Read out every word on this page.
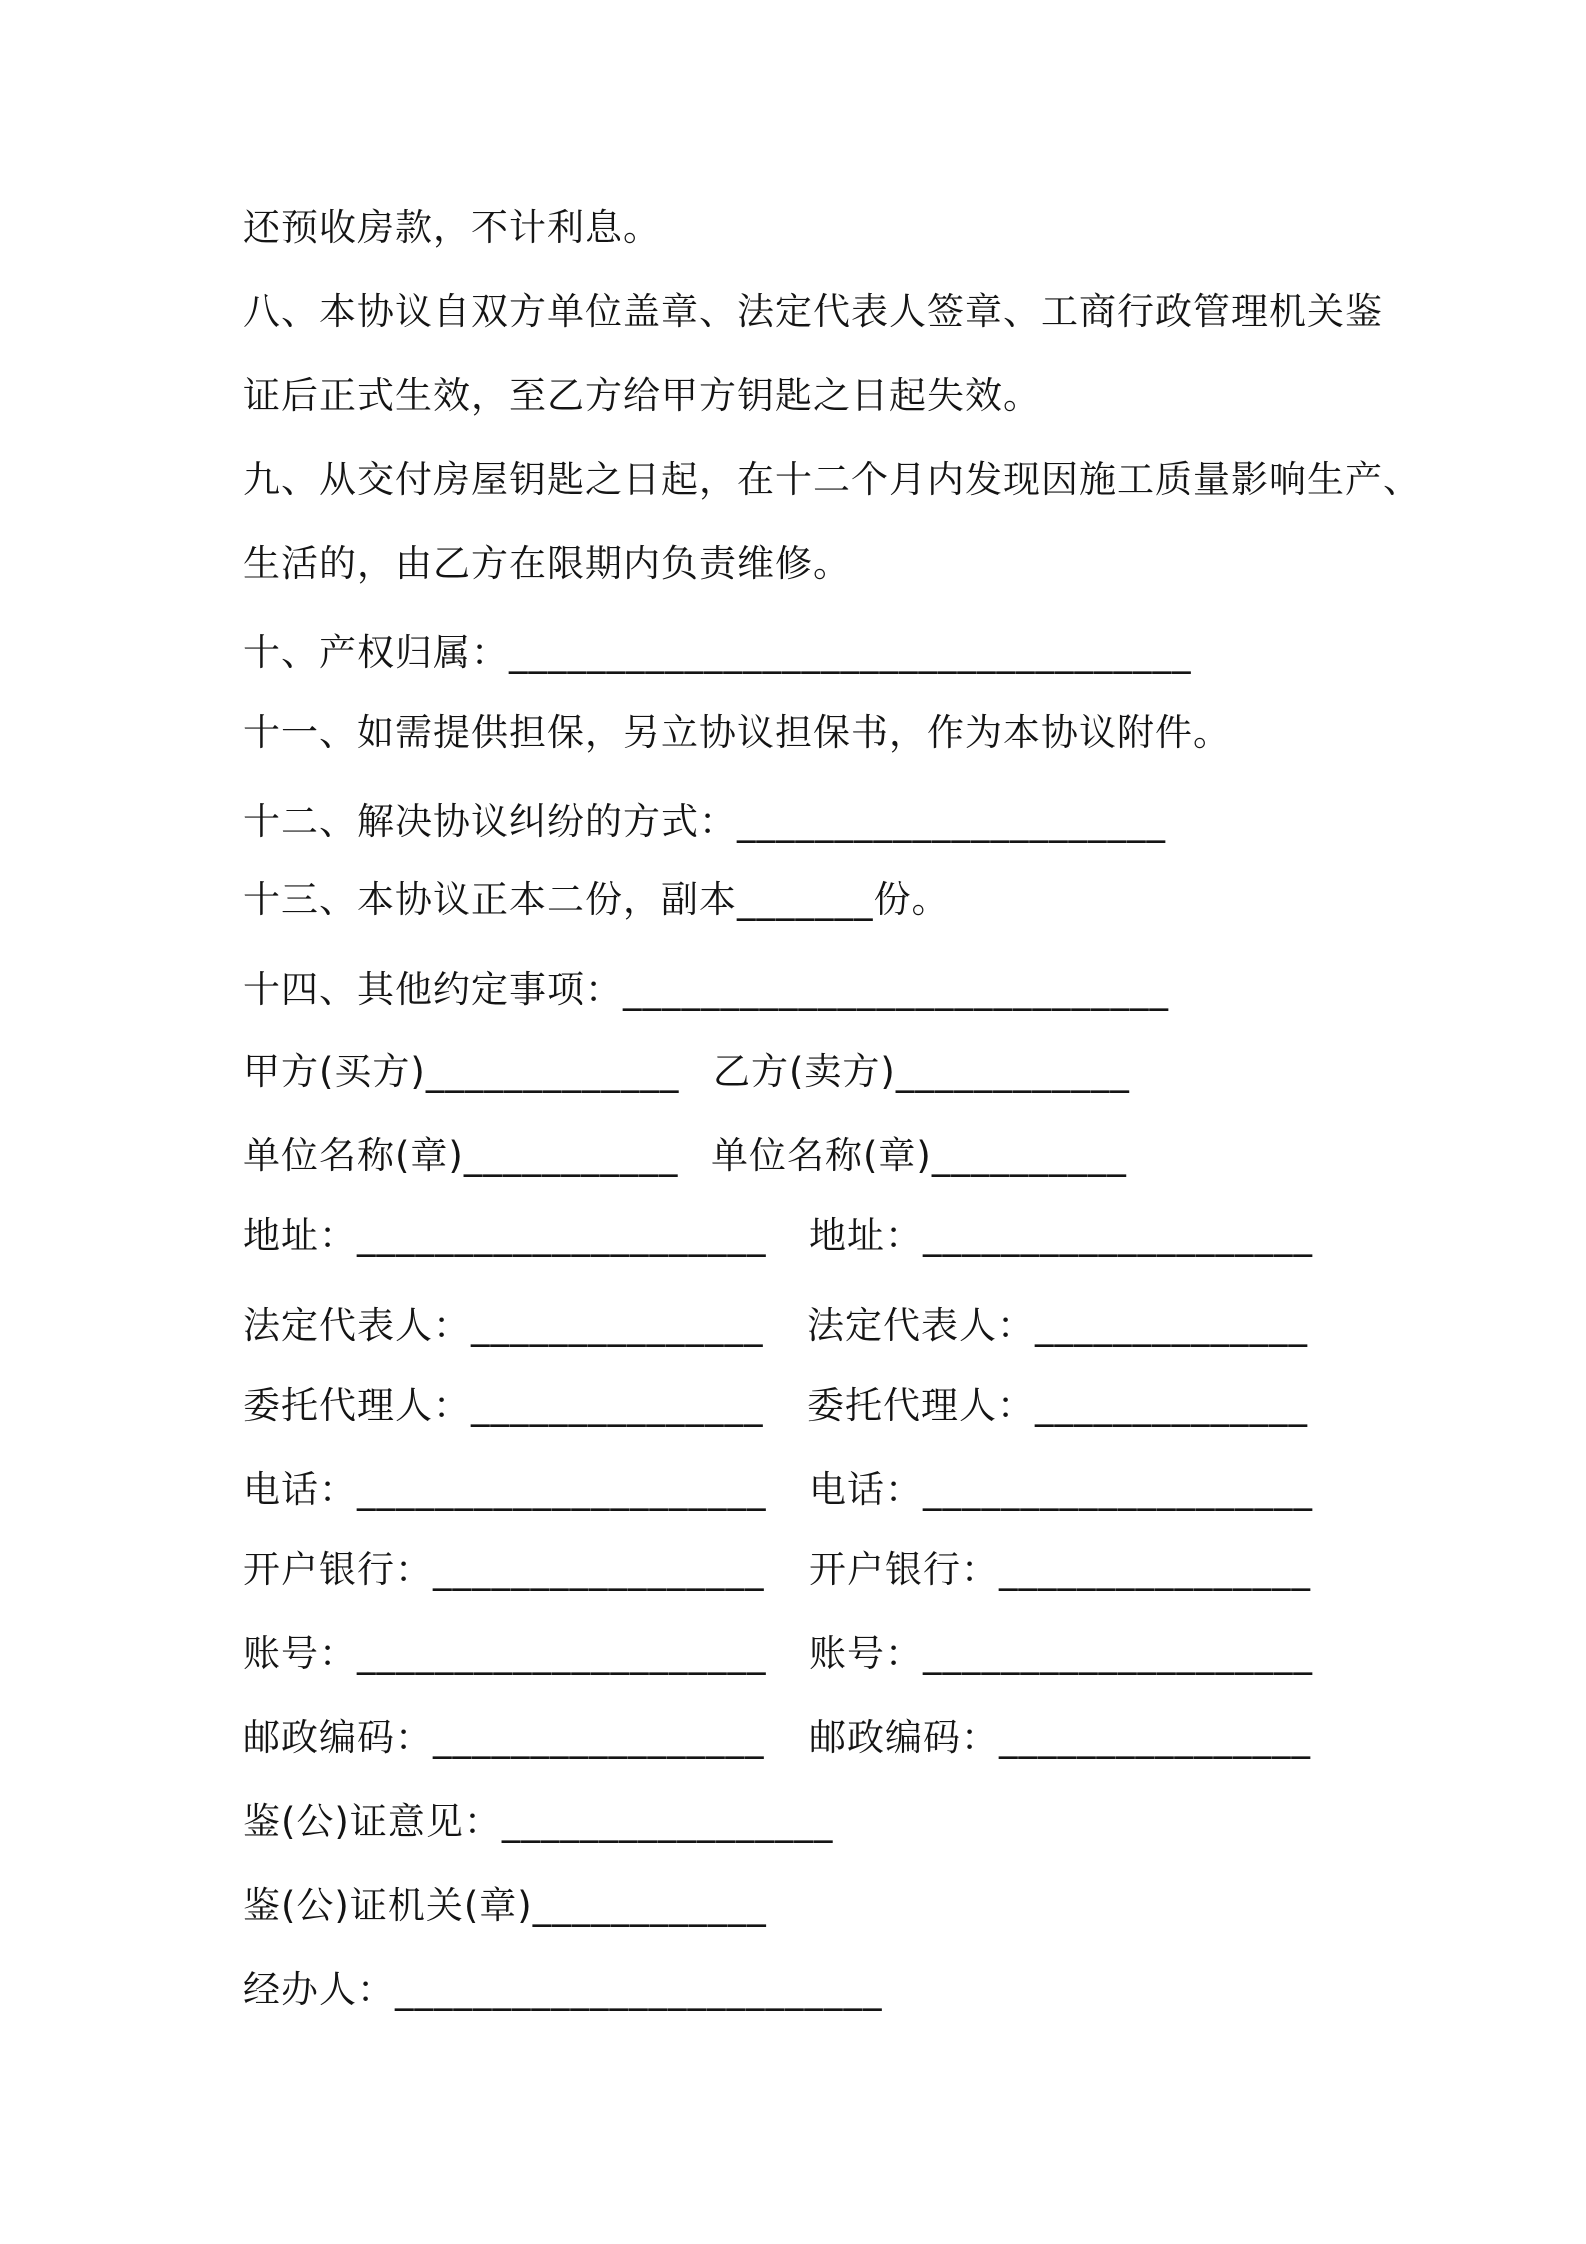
还预收房款，不计利息。
八、本协议自双方单位盖章、法定代表人签章、工商行政管理机关鉴
证后正式生效，至乙方给甲方钥匙之日起失效。
九、从交付房屋钥匙之日起，在十二个月内发现因施工质量影响生产、
生活的，由乙方在限期内负责维修。
十、产权归属：___________________________________
十一、如需提供担保，另立协议担保书，作为本协议附件。
十二、解决协议纠纷的方式：______________________
十三、本协议正本二份，副本_______份。
十四、其他约定事项：____________________________
甲方(买方)_____________ 乙方(卖方)____________
单位名称(章)___________ 单位名称(章)__________
地址：_____________________ 地址：____________________
法定代表人：_______________ 法定代表人：______________
委托代理人：_______________ 委托代理人：______________
电话：_____________________ 电话：____________________
开户银行：_________________ 开户银行：________________
账号：_____________________ 账号：____________________
邮政编码：_________________ 邮政编码：________________
鉴(公)证意见：_________________
鉴(公)证机关(章)____________
经办人：_________________________
